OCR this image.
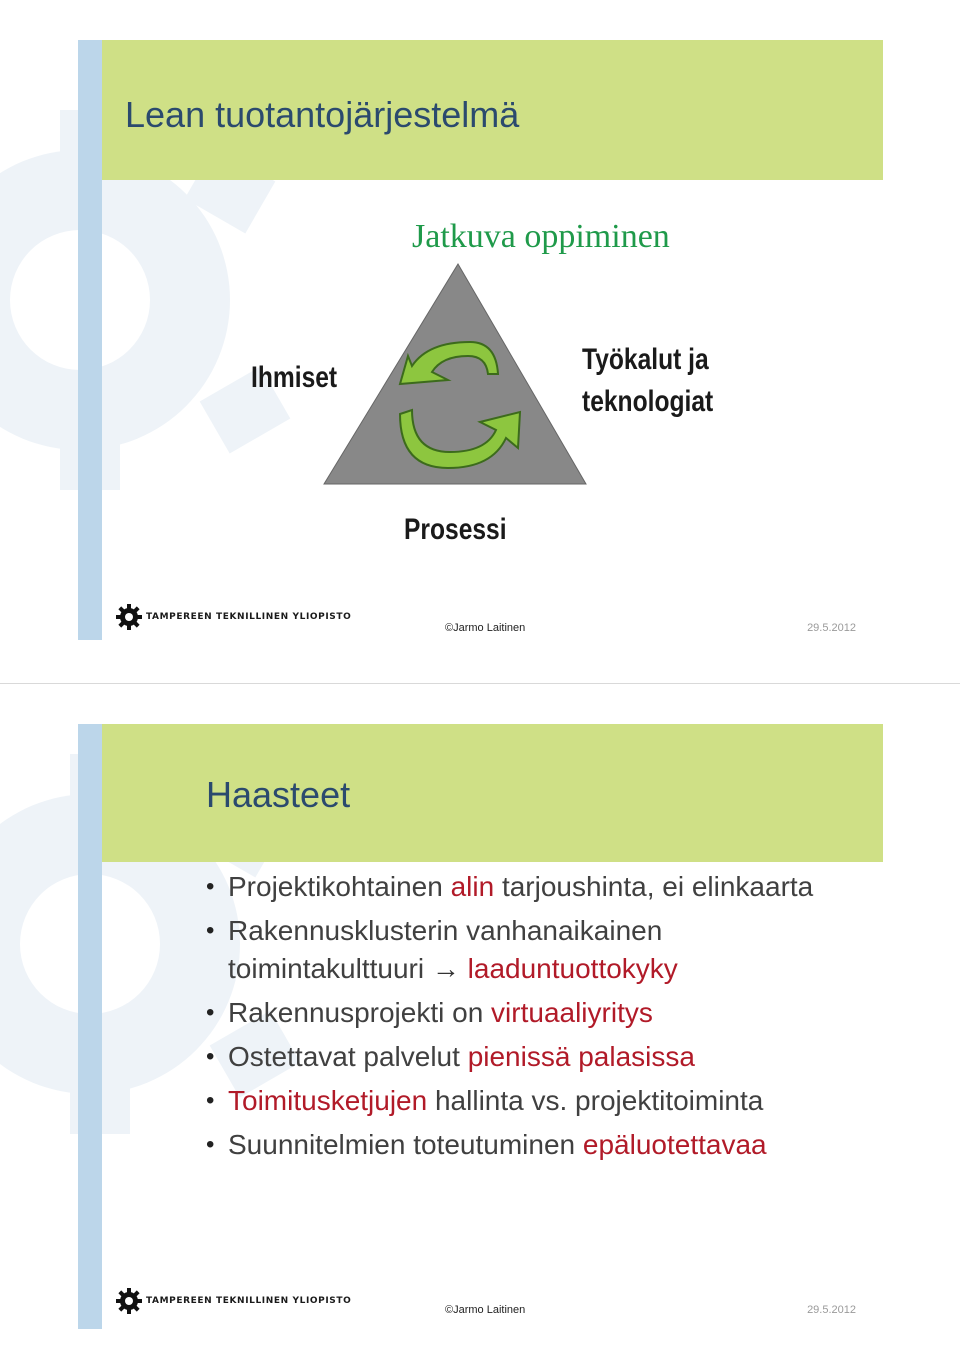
Lean tuotantojärjestelmä
Jatkuva oppiminen
Ihmiset
Työkalut ja
teknologiat
Prosessi
TAMPEREEN TEKNILLINEN YLIOPISTO
©Jarmo Laitinen	29.5.2012
Haasteet
TAMPEREEN TEKNILLINEN YLIOPISTO
©Jarmo Laitinen	29.5.2012
• Projektikohtainen alin tarjoushinta, ei elinkaarta
• Rakennusklusterin vanhanaikainen toimintakulttuuri → laaduntuottokyky
• Rakennusprojekti on virtuaaliyritys
• Ostettavat palvelut pienissä palasissa
• Toimitusketjujen hallinta vs. projektitoiminta
• Suunnitelmien toteutuminen epäluotettavaa
